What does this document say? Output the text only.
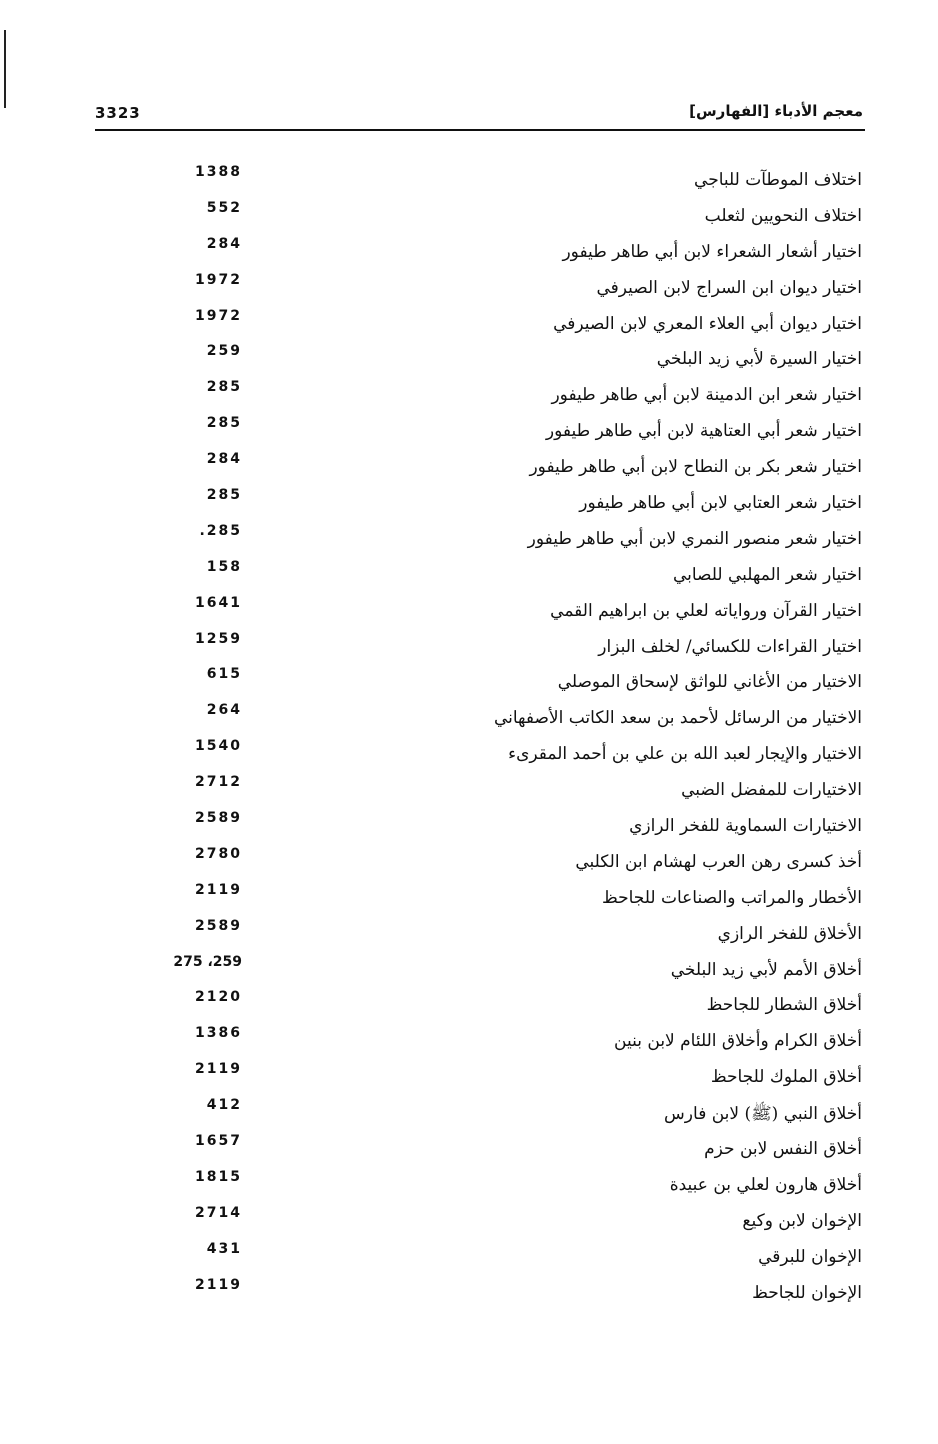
3323	معجم الأدباء [الفهارس]
اختلاف الموطآت للباجي
1388
اختلاف النحويين لثعلب
552
اختيار أشعار الشعراء لابن أبي طاهر طيفور
284
اختيار ديوان ابن السراج لابن الصيرفي
1972
اختيار ديوان أبي العلاء المعري لابن الصيرفي
1972
اختيار السيرة لأبي زيد البلخي
259
اختيار شعر ابن الدمينة لابن أبي طاهر طيفور
285
اختيار شعر أبي العتاهية لابن أبي طاهر طيفور
285
اختيار شعر بكر بن النطاح لابن أبي طاهر طيفور
284
اختيار شعر العتابي لابن أبي طاهر طيفور
285
اختيار شعر منصور النمري لابن أبي طاهر طيفور
.285
اختيار شعر المهلبي للصابي
158
اختيار القرآن ورواياته لعلي بن ابراهيم القمي
1641
اختيار القراءات للكسائي/ لخلف البزار
1259
الاختيار من الأغاني للواثق لإسحاق الموصلي
615
الاختيار من الرسائل لأحمد بن سعد الكاتب الأصفهاني
264
الاختيار والإيجار لعبد الله بن علي بن أحمد المقرىء
1540
الاختيارات للمفضل الضبي
2712
الاختيارات السماوية للفخر الرازي
2589
أخذ كسرى رهن العرب لهشام ابن الكلبي
2780
الأخطار والمراتب والصناعات للجاحظ
2119
الأخلاق للفخر الرازي
2589
أخلاق الأمم لأبي زيد البلخي
275 ،259
أخلاق الشطار للجاحظ
2120
أخلاق الكرام وأخلاق اللئام لابن بنين
1386
أخلاق الملوك للجاحظ
2119
أخلاق النبي (ﷺ) لابن فارس
412
أخلاق النفس لابن حزم
1657
أخلاق هارون لعلي بن عبيدة
1815
الإخوان لابن وكيع
2714
الإخوان للبرقي
431
الإخوان للجاحظ
2119
